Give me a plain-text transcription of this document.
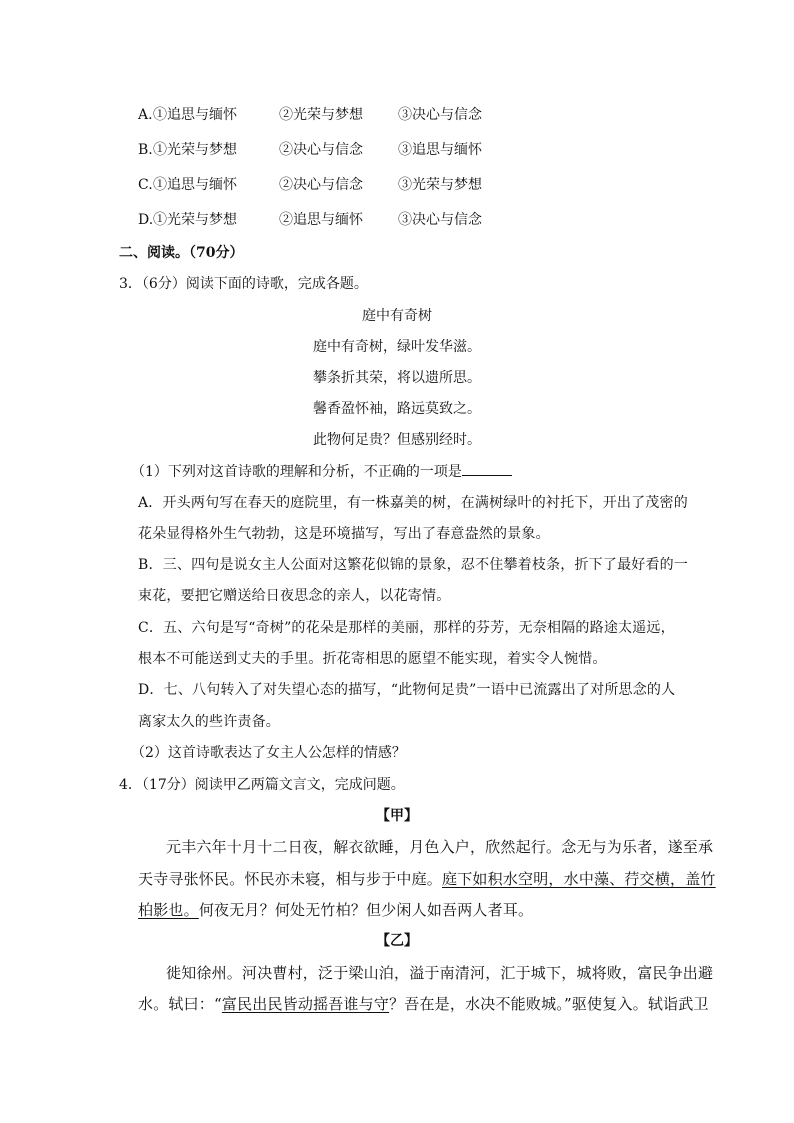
A. ①追思与缅怀	②光荣与梦想	③决心与信念
B. ①光荣与梦想	②决心与信念	③追思与缅怀
C. ①追思与缅怀	②决心与信念	③光荣与梦想
D. ①光荣与梦想	②追思与缅怀	③决心与信念
二、阅读。（70分）
3．（6分）阅读下面的诗歌，完成各题。
庭中有奇树
庭中有奇树，绿叶发华滋。
攀条折其荣，将以遗所思。
馨香盈怀袖，路远莫致之。
此物何足贵？但感别经时。
（1）下列对这首诗歌的理解和分析，不正确的一项是
A．开头两句写在春天的庭院里，有一株嘉美的树，在满树绿叶的衬托下，开出了茂密的
花朵显得格外生气勃勃，这是环境描写，写出了春意盎然的景象。
B．三、四句是说女主人公面对这繁花似锦的景象，忍不住攀着枝条，折下了最好看的一
束花，要把它赠送给日夜思念的亲人，以花寄情。
C．五、六句是写“奇树”的花朵是那样的美丽，那样的芬芳，无奈相隔的路途太遥远，
根本不可能送到丈夫的手里。折花寄相思的愿望不能实现，着实令人惋惜。
D．七、八句转入了对失望心态的描写，“此物何足贵”一语中已流露出了对所思念的人
离家太久的些许责备。
（2）这首诗歌表达了女主人公怎样的情感？
4．（17分）阅读甲乙两篇文言文，完成问题。
【甲】
元丰六年十月十二日夜，解衣欲睡，月色入户，欣然起行。念无与为乐者，遂至承
天寺寻张怀民。怀民亦未寝，相与步于中庭。庭下如积水空明，水中藻、荇交横，盖竹
柏影也。何夜无月？何处无竹柏？但少闲人如吾两人者耳。
【乙】
徙知徐州。河决曹村，泛于梁山泊，溢于南清河，汇于城下，城将败，富民争出避
水。轼曰：“富民出民皆动摇吾谁与守？吾在是，水决不能败城。”驱使复入。轼诣武卫
